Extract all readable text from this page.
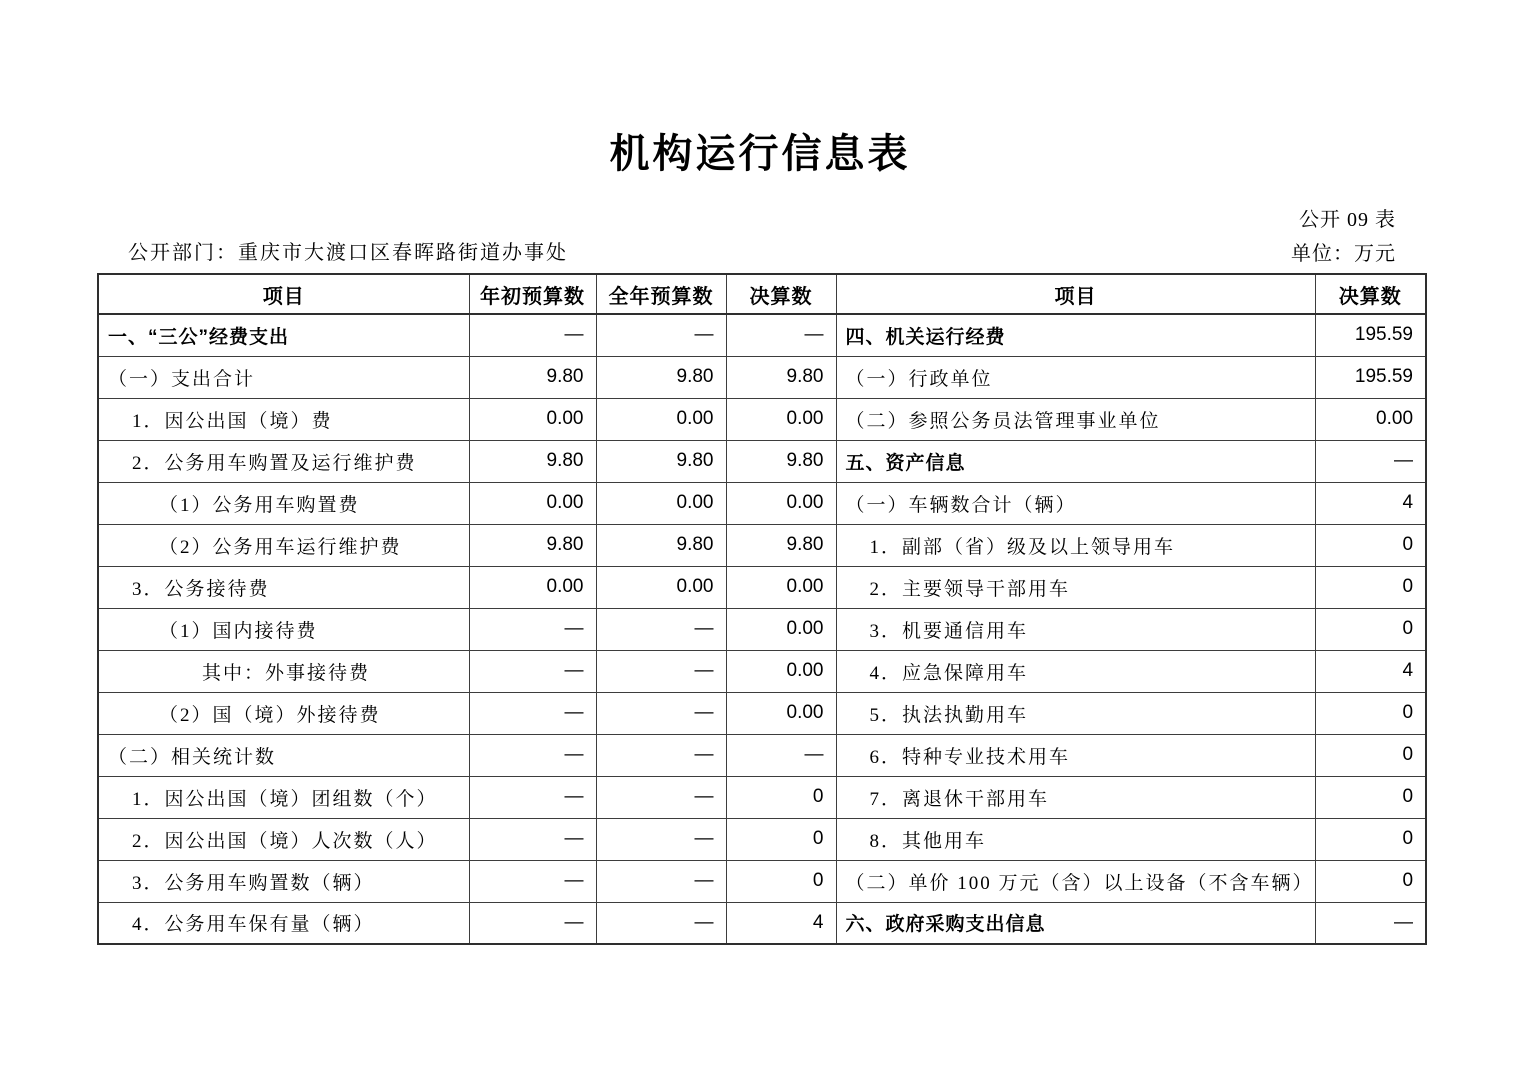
机构运行信息表
公开 09 表
公开部门：重庆市大渡口区春晖路街道办事处	单位：万元
项目	年初预算数	全年预算数	决算数	项目	决算数
一、“三公”经费支出	—	—	—	四、机关运行经费	195.59
（一）支出合计	9.80	9.80	9.80	（一）行政单位	195.59
1．因公出国（境）费	0.00	0.00	0.00	（二）参照公务员法管理事业单位	0.00
2．公务用车购置及运行维护费	9.80	9.80	9.80	五、资产信息	—
（1）公务用车购置费	0.00	0.00	0.00	（一）车辆数合计（辆）	4
（2）公务用车运行维护费	9.80	9.80	9.80	1．副部（省）级及以上领导用车	0
3．公务接待费	0.00	0.00	0.00	2．主要领导干部用车	0
（1）国内接待费	—	—	0.00	3．机要通信用车	0
其中：外事接待费	—	—	0.00	4．应急保障用车	4
（2）国（境）外接待费	—	—	0.00	5．执法执勤用车	0
（二）相关统计数	—	—	—	6．特种专业技术用车	0
1．因公出国（境）团组数（个）	—	—	0	7．离退休干部用车	0
2．因公出国（境）人次数（人）	—	—	0	8．其他用车	0
3．公务用车购置数（辆）	—	—	0	（二）单价 100 万元（含）以上设备（不含车辆）	0
4．公务用车保有量（辆）	—	—	4	六、政府采购支出信息	—
